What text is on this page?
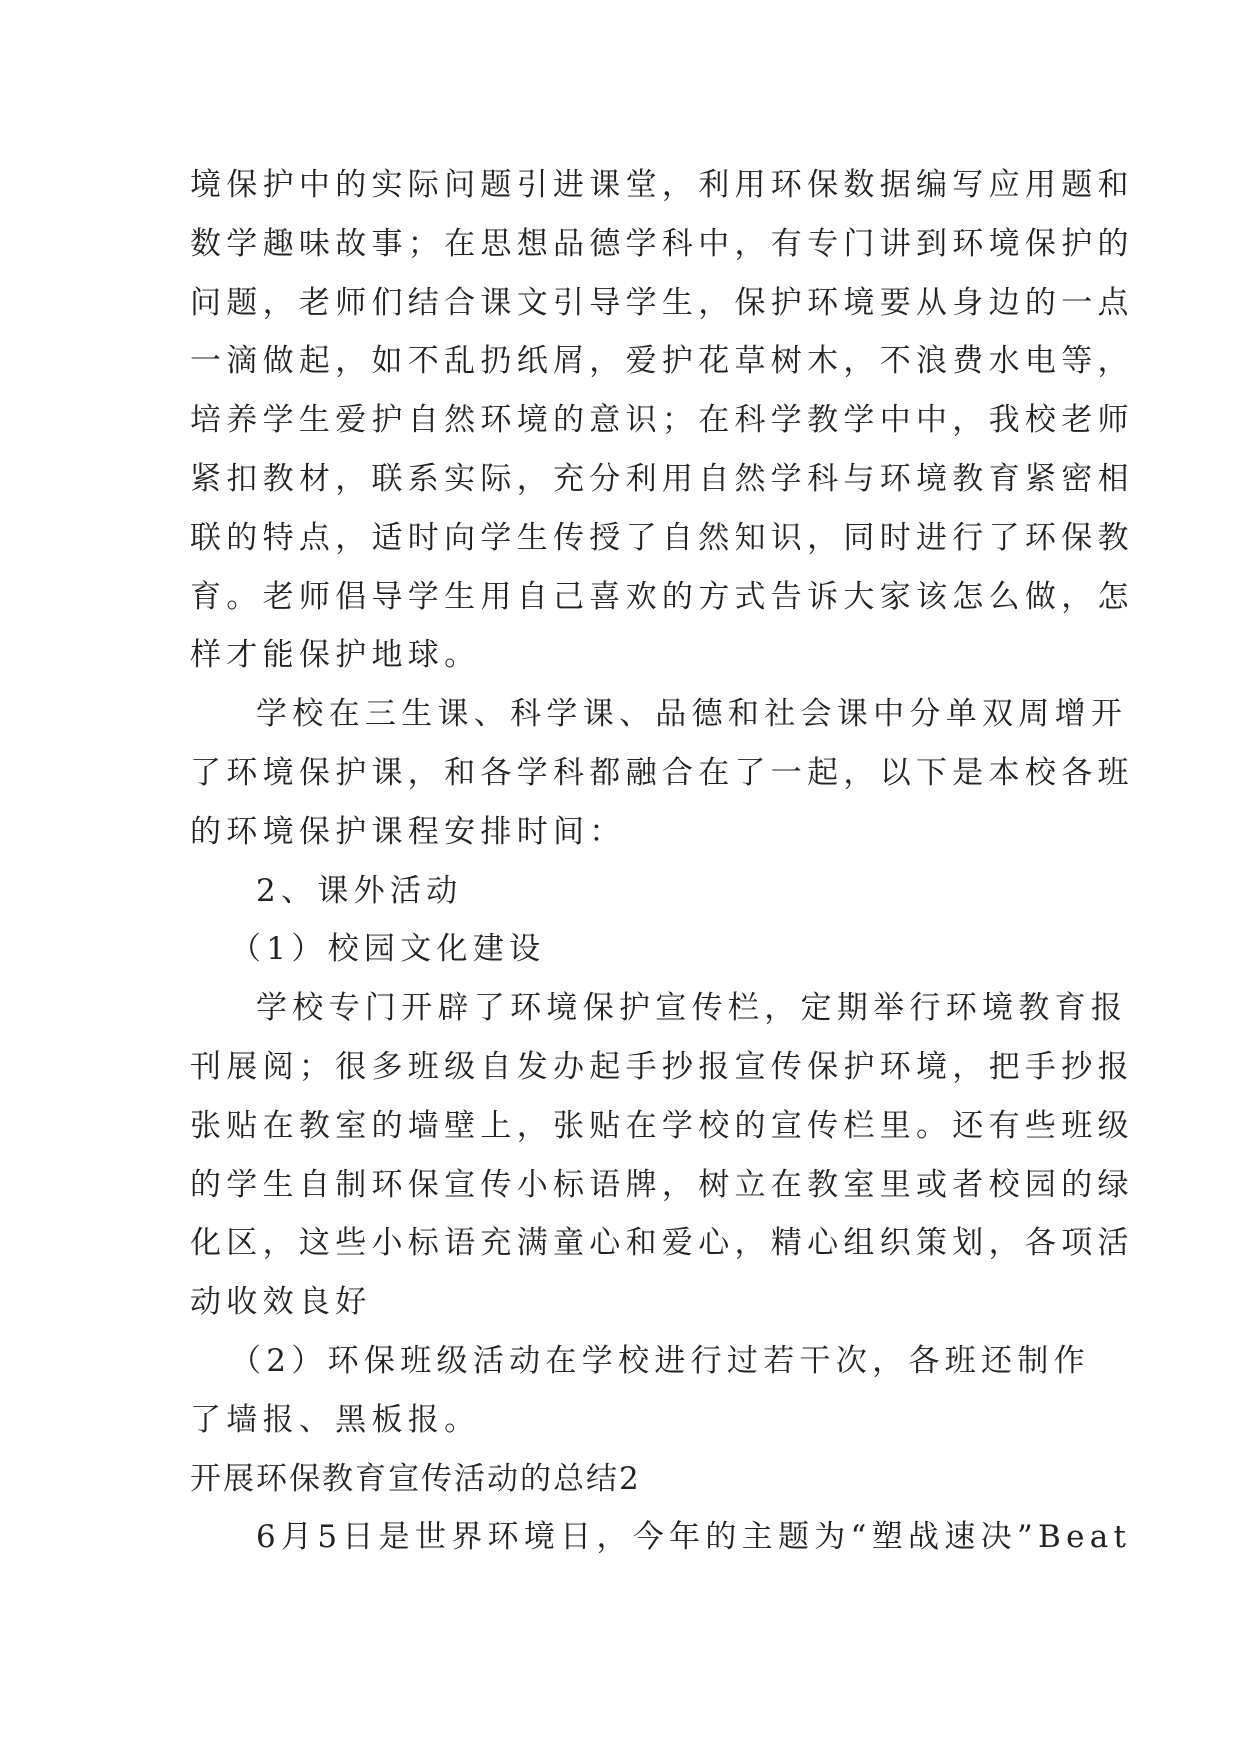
境保护中的实际问题引进课堂，利用环保数据编写应用题和
数学趣味故事；在思想品德学科中，有专门讲到环境保护的
问题，老师们结合课文引导学生，保护环境要从身边的一点
一滴做起，如不乱扔纸屑，爱护花草树木，不浪费水电等，
培养学生爱护自然环境的意识；在科学教学中中，我校老师
紧扣教材，联系实际，充分利用自然学科与环境教育紧密相
联的特点，适时向学生传授了自然知识，同时进行了环保教
育。老师倡导学生用自己喜欢的方式告诉大家该怎么做，怎
样才能保护地球。
学校在三生课、科学课、品德和社会课中分单双周增开
了环境保护课，和各学科都融合在了一起，以下是本校各班
的环境保护课程安排时间：
2、课外活动
（1）校园文化建设
学校专门开辟了环境保护宣传栏，定期举行环境教育报
刊展阅；很多班级自发办起手抄报宣传保护环境，把手抄报
张贴在教室的墙壁上，张贴在学校的宣传栏里。还有些班级
的学生自制环保宣传小标语牌，树立在教室里或者校园的绿
化区，这些小标语充满童心和爱心，精心组织策划，各项活
动收效良好
（2）环保班级活动在学校进行过若干次，各班还制作
了墙报、黑板报。
开展环保教育宣传活动的总结2
6月5日是世界环境日，今年的主题为“塑战速决”Beat
